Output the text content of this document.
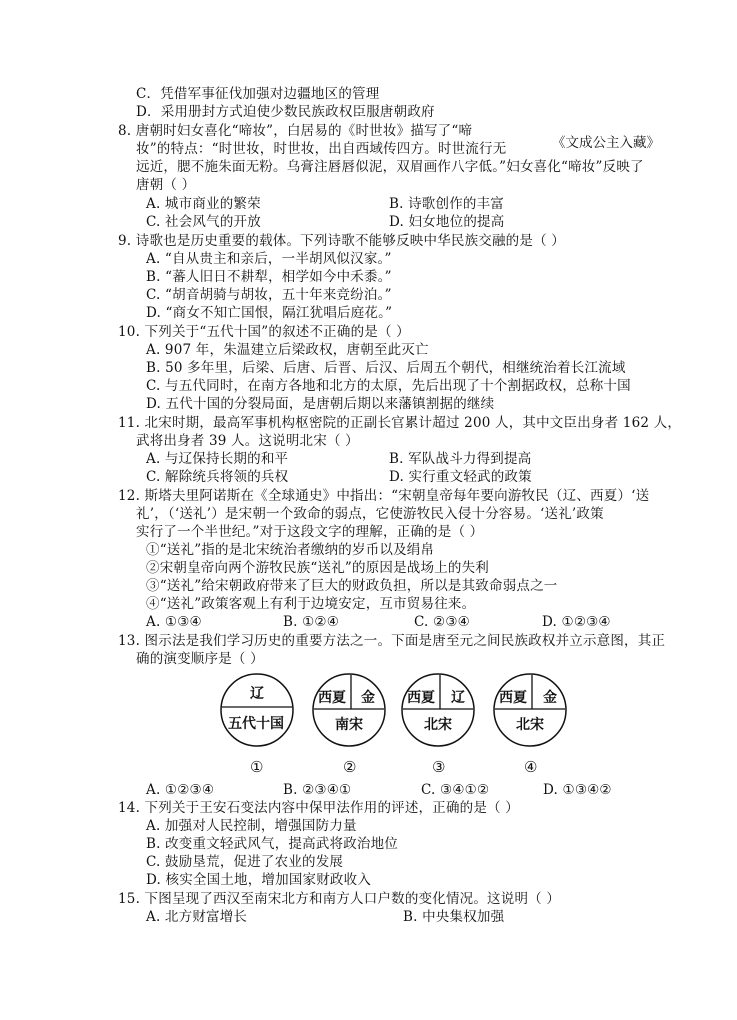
C．凭借军事征伐加强对边疆地区的管理
D．采用册封方式迫使少数民族政权臣服唐朝政府
8. 唐朝时妇女喜化“啼妆”，白居易的《时世妆》描写了“啼
《文成公主入藏》
妆”的特点：“时世妆，时世妆，出自西域传四方。时世流行无
远近，腮不施朱面无粉。乌膏注唇唇似泥，双眉画作八字低。”妇女喜化“啼妆”反映了
唐朝（ ）
A. 城市商业的繁荣	B. 诗歌创作的丰富
C. 社会风气的开放	D. 妇女地位的提高
9. 诗歌也是历史重要的载体。下列诗歌不能够反映中华民族交融的是（ ）
A. “自从贵主和亲后，一半胡风似汉家。”
B. “蕃人旧日不耕犁，相学如今中禾黍。”
C. “胡音胡骑与胡妆，五十年来竞纷泊。”
D. “商女不知亡国恨，隔江犹唱后庭花。”
10. 下列关于“五代十国”的叙述不正确的是（ ）
A. 907 年，朱温建立后梁政权，唐朝至此灭亡
B. 50 多年里，后梁、后唐、后晋、后汉、后周五个朝代，相继统治着长江流域
C. 与五代同时，在南方各地和北方的太原，先后出现了十个割据政权，总称十国
D. 五代十国的分裂局面，是唐朝后期以来藩镇割据的继续
11. 北宋时期，最高军事机构枢密院的正副长官累计超过 200 人，其中文臣出身者 162 人，
武将出身者 39 人。这说明北宋（ ）
A. 与辽保持长期的和平	B. 军队战斗力得到提高
C. 解除统兵将领的兵权	D. 实行重文轻武的政策
12. 斯塔夫里阿诺斯在《全球通史》中指出：“宋朝皇帝每年要向游牧民（辽、西夏）‘送
礼’，（‘送礼’）是宋朝一个致命的弱点，它使游牧民入侵十分容易。‘送礼’政策
实行了一个半世纪。”对于这段文字的理解，正确的是（ ）
①“送礼”指的是北宋统治者缴纳的岁币以及绢帛
②宋朝皇帝向两个游牧民族“送礼”的原因是战场上的失利
③“送礼”给宋朝政府带来了巨大的财政负担，所以是其致命弱点之一
④“送礼”政策客观上有利于边境安定，互市贸易往来。
A. ①③④	B. ①②④	C. ②③④	D. ①②③④
13. 图示法是我们学习历史的重要方法之一。下面是唐至元之间民族政权并立示意图，其正
确的演变顺序是（ ）
辽
五代十国
西夏 金
南宋
西夏 辽
北宋
西夏 金
北宋
①	②	③	④
A. ①②③④	B. ②③④①	C. ③④①②	D. ①③④②
14. 下列关于王安石变法内容中保甲法作用的评述，正确的是（ ）
A. 加强对人民控制，增强国防力量
B. 改变重文轻武风气，提高武将政治地位
C. 鼓励垦荒，促进了农业的发展
D. 核实全国土地，增加国家财政收入
15. 下图呈现了西汉至南宋北方和南方人口户数的变化情况。这说明（ ）
A. 北方财富增长	B. 中央集权加强
